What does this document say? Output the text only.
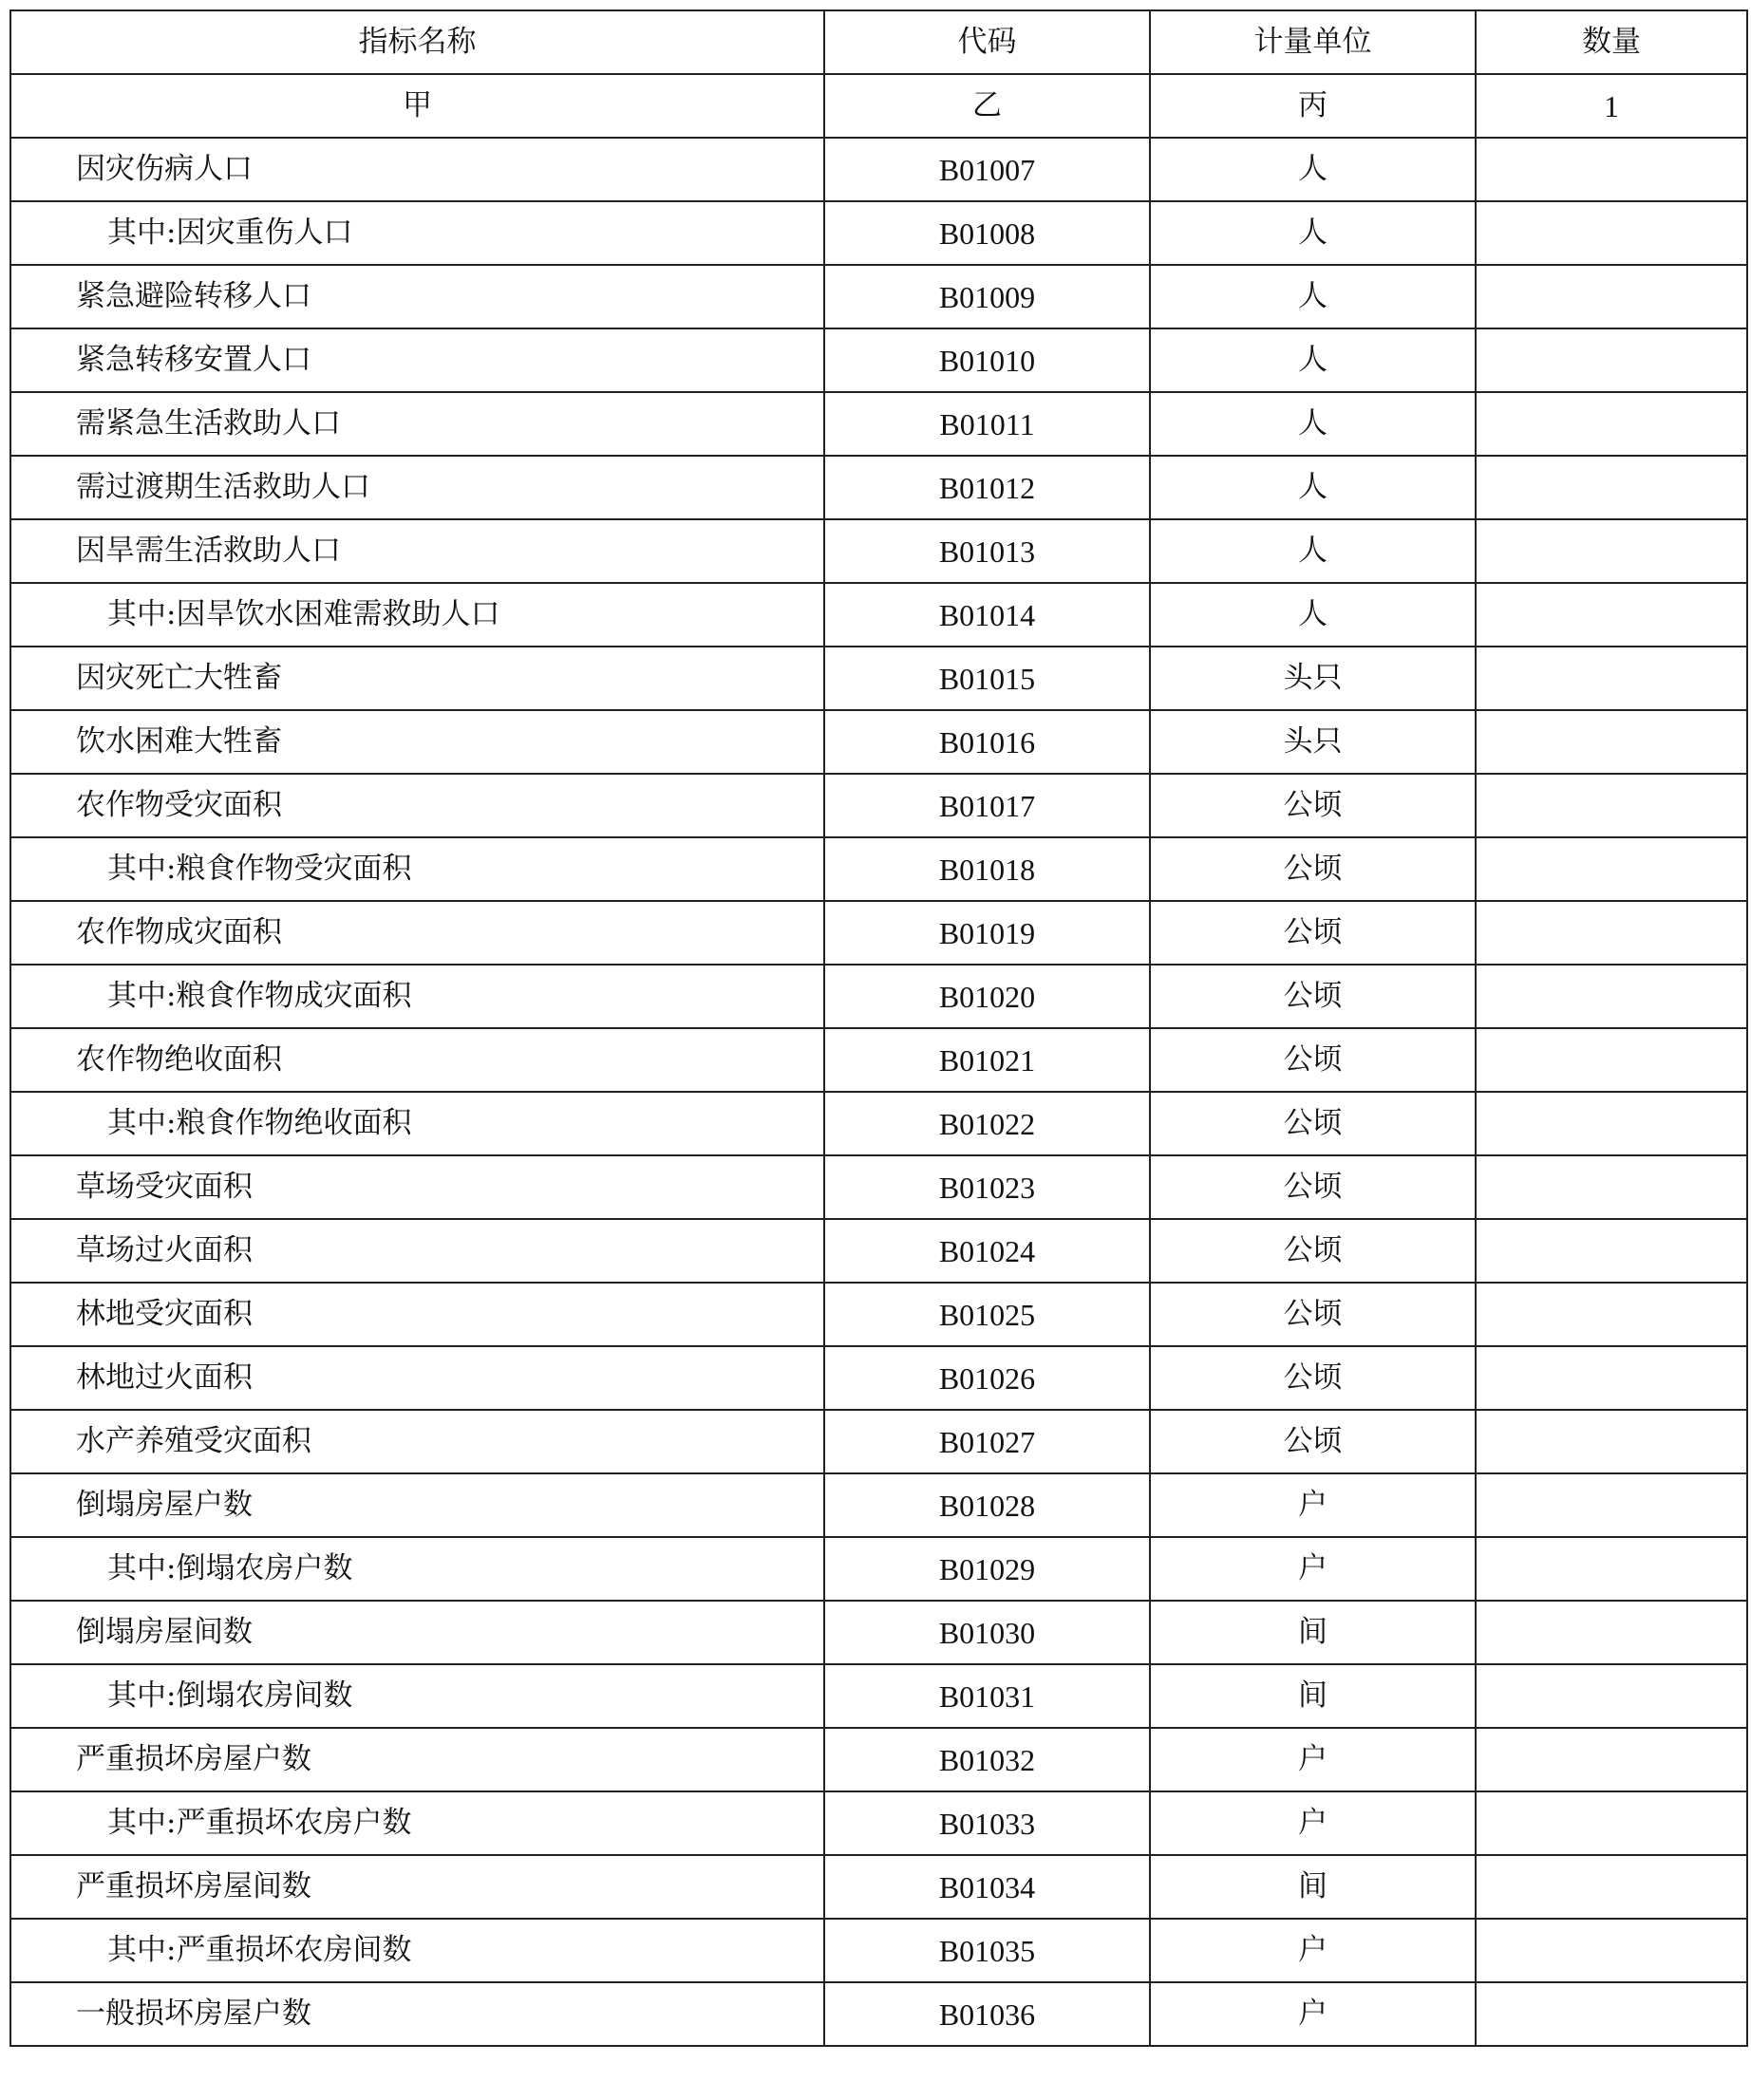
指标名称	代码	计量单位	数量
甲	乙	丙	1
因灾伤病人口	B01007	人	
其中:因灾重伤人口	B01008	人	
紧急避险转移人口	B01009	人	
紧急转移安置人口	B01010	人	
需紧急生活救助人口	B01011	人	
需过渡期生活救助人口	B01012	人	
因旱需生活救助人口	B01013	人	
其中:因旱饮水困难需救助人口	B01014	人	
因灾死亡大牲畜	B01015	头只	
饮水困难大牲畜	B01016	头只	
农作物受灾面积	B01017	公顷	
其中:粮食作物受灾面积	B01018	公顷	
农作物成灾面积	B01019	公顷	
其中:粮食作物成灾面积	B01020	公顷	
农作物绝收面积	B01021	公顷	
其中:粮食作物绝收面积	B01022	公顷	
草场受灾面积	B01023	公顷	
草场过火面积	B01024	公顷	
林地受灾面积	B01025	公顷	
林地过火面积	B01026	公顷	
水产养殖受灾面积	B01027	公顷	
倒塌房屋户数	B01028	户	
其中:倒塌农房户数	B01029	户	
倒塌房屋间数	B01030	间	
其中:倒塌农房间数	B01031	间	
严重损坏房屋户数	B01032	户	
其中:严重损坏农房户数	B01033	户	
严重损坏房屋间数	B01034	间	
其中:严重损坏农房间数	B01035	户	
一般损坏房屋户数	B01036	户	
